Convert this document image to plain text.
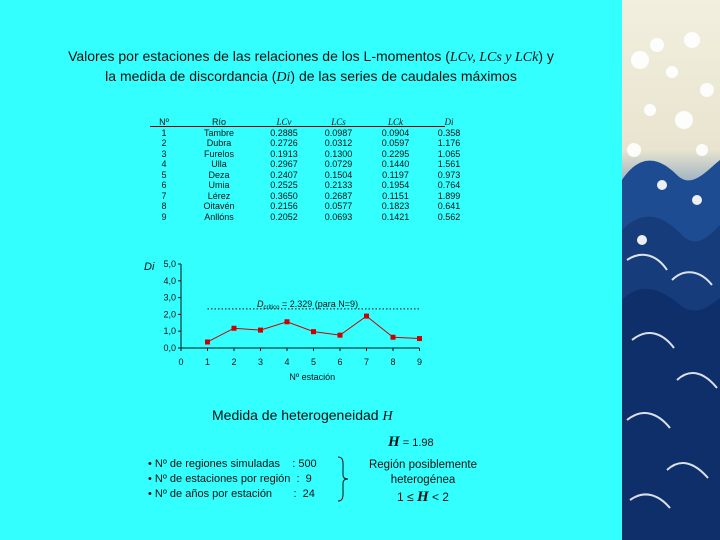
Valores por estaciones de las relaciones de los L-momentos (LCv, LCs y LCk) y
la medida de discordancia (Di) de las series de caudales máximos
Nº	Río	LCv	LCs	LCk	Di
1	Tambre	0.2885	0.0987	0.0904	0.358
2	Dubra	0.2726	0.0312	0.0597	1.176
3	Furelos	0.1913	0.1300	0.2295	1.065
4	Ulla	0.2967	0.0729	0.1440	1.561
5	Deza	0.2407	0.1504	0.1197	0.973
6	Umia	0.2525	0.2133	0.1954	0.764
7	Lérez	0.3650	0.2687	0.1151	1.899
8	Oitavén	0.2156	0.0577	0.1823	0.641
9	Anllóns	0.2052	0.0693	0.1421	0.562
0,0
1,0
2,0
3,0
4,0
5,0
0 1 2 3 4 5 6 7 8 9
Di
Nº estación
$D_{crítico} = 2.329$ (para N=9)
Medida de heterogeneidad H
H = 1.98
• Nº de regiones simuladas    : 500
• Nº de estaciones por región  :  9
• Nº de años por estación       :  24
Región posiblemente
heterogénea
1 ≤ H < 2
